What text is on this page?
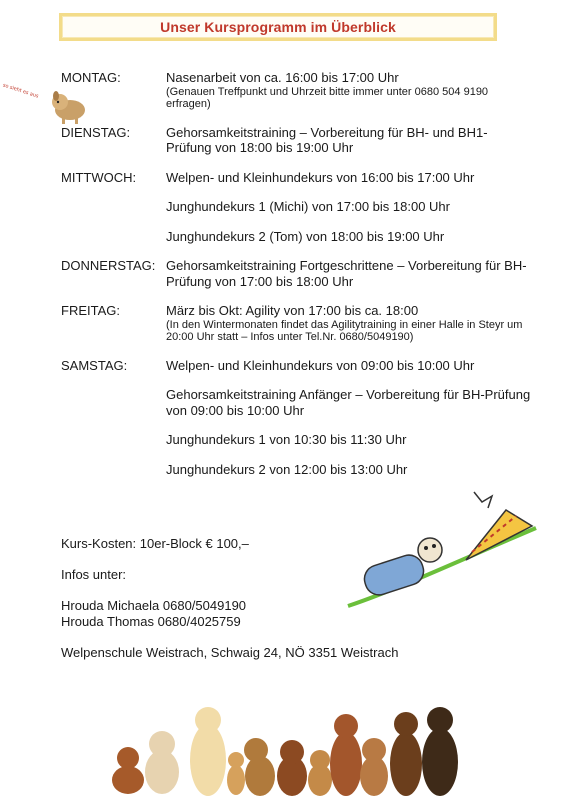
Unser Kursprogramm im Überblick
so sieht es aus
MONTAG:	Nasenarbeit von ca. 16:00 bis 17:00 Uhr
(Genauen Treffpunkt und Uhrzeit bitte immer unter 0680 504 9190 erfragen)
DIENSTAG:	Gehorsamkeitstraining – Vorbereitung für BH- und BH1-Prüfung von 18:00 bis 19:00 Uhr
MITTWOCH:	Welpen- und Kleinhundekurs von 16:00 bis 17:00 Uhr
Junghundekurs 1 (Michi) von 17:00 bis 18:00 Uhr
Junghundekurs 2 (Tom) von 18:00 bis 19:00 Uhr
DONNERSTAG: Gehorsamkeitstraining Fortgeschrittene – Vorbereitung für BH-Prüfung von 17:00 bis 18:00 Uhr
FREITAG:	März bis Okt: Agility von 17:00 bis ca. 18:00
(In den Wintermonaten findet das Agilitytraining in einer Halle in Steyr um 20:00 Uhr statt – Infos unter Tel.Nr. 0680/5049190)
SAMSTAG:	Welpen- und Kleinhundekurs von 09:00 bis 10:00 Uhr
Gehorsamkeitstraining Anfänger – Vorbereitung für BH-Prüfung von 09:00 bis 10:00 Uhr
Junghundekurs 1 von 10:30 bis 11:30 Uhr
Junghundekurs 2 von 12:00 bis 13:00 Uhr

Kurs-Kosten: 10er-Block € 100,–

Infos unter:

Hrouda Michaela 0680/5049190

Hrouda Thomas 0680/4025759

Welpenschule Weistrach, Schwaig 24, NÖ 3351 Weistrach
